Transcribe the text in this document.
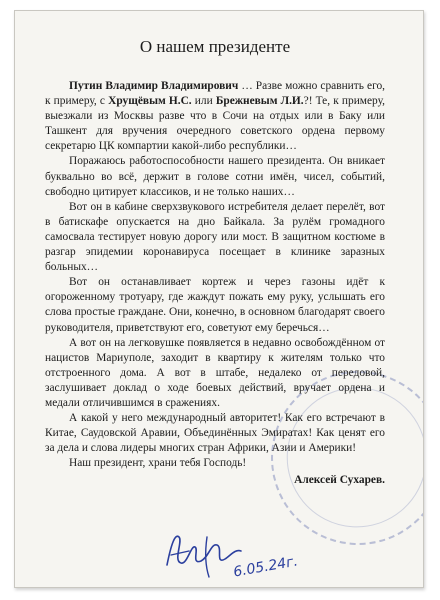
О нашем президенте

Путин Владимир Владимирович … Разве можно сравнить его, к примеру, с Хрущёвым Н.С. или Брежневым Л.И.?! Те, к примеру, выезжали из Москвы разве что в Сочи на отдых или в Баку или Ташкент для вручения очередного советского ордена первому секретарю ЦК компартии какой-либо республики…

Поражаюсь работоспособности нашего президента. Он вникает буквально во всё, держит в голове сотни имён, чисел, событий, свободно цитирует классиков, и не только наших…

Вот он в кабине сверхзвукового истребителя делает перелёт, вот в батискафе опускается на дно Байкала. За рулём громадного самосвала тестирует новую дорогу или мост. В защитном костюме в разгар эпидемии коронавируса посещает в клинике заразных больных…

Вот он останавливает кортеж и через газоны идёт к огороженному тротуару, где жаждут пожать ему руку, услышать его слова простые граждане. Они, конечно, в основном благодарят своего руководителя, приветствуют его, советуют ему беречься…

А вот он на легковушке появляется в недавно освобождённом от нацистов Мариуполе, заходит в квартиру к жителям только что отстроенного дома. А вот в штабе, недалеко от передовой, заслушивает доклад о ходе боевых действий, вручает ордена и медали отличившимся в сражениях.

А какой у него международный авторитет! Как его встречают в Китае, Саудовской Аравии, Объединённых Эмиратах! Как ценят его за дела и слова лидеры многих стран Африки, Азии и Америки!

Наш президент, храни тебя Господь!

Алексей Сухарев.

6.05.24г.
